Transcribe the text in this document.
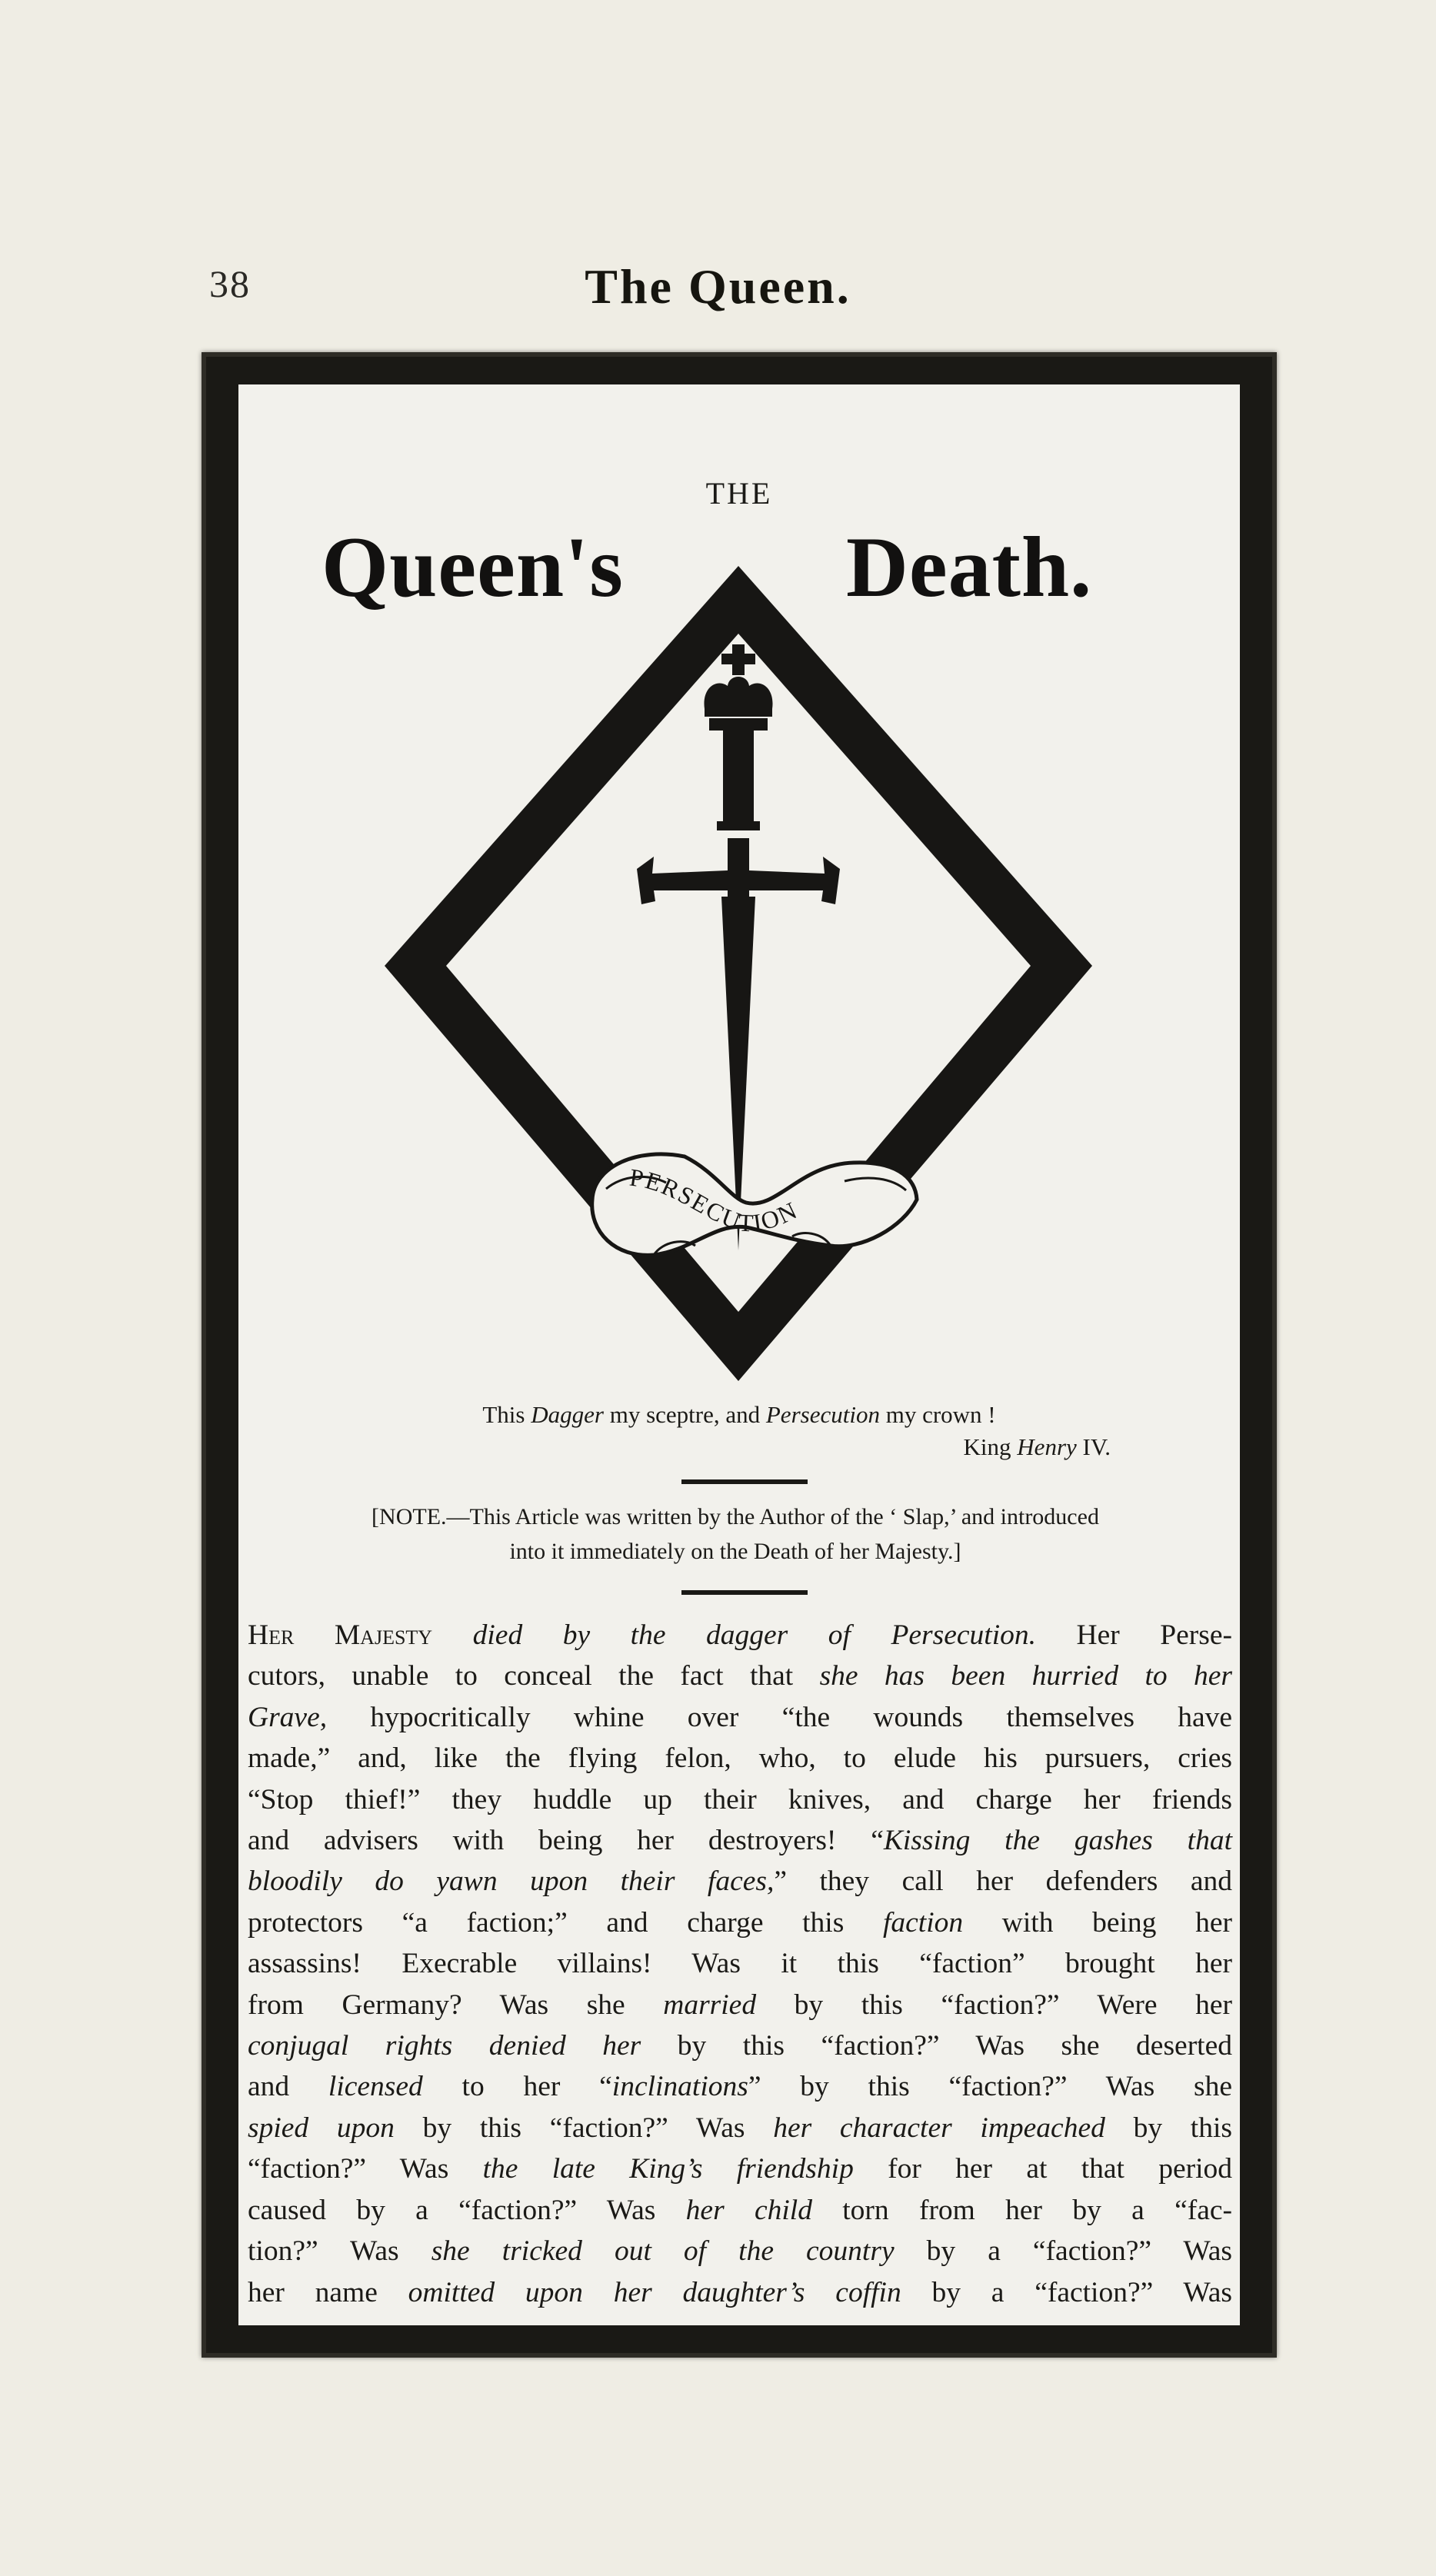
38	The Queen.
THE
Queen's	Death.
PERSECUTION
This Dagger my sceptre, and Persecution my crown !
King Henry IV.
[NOTE.—This Article was written by the Author of the ‘ Slap,’ and introduced
into it immediately on the Death of her Majesty.]
Her Majesty died by the dagger of Persecution. Her Perse-
cutors, unable to conceal the fact that she has been hurried to her
Grave, hypocritically whine over “the wounds themselves have
made,” and, like the flying felon, who, to elude his pursuers, cries
“Stop thief!” they huddle up their knives, and charge her friends
and advisers with being her destroyers! “Kissing the gashes that
bloodily do yawn upon their faces,” they call her defenders and
protectors “a faction;” and charge this faction with being her
assassins! Execrable villains! Was it this “faction” brought her
from Germany? Was she married by this “faction?” Were her
conjugal rights denied her by this “faction?” Was she deserted
and licensed to her “inclinations” by this “faction?” Was she
spied upon by this “faction?” Was her character impeached by this
“faction?” Was the late King’s friendship for her at that period
caused by a “faction?” Was her child torn from her by a “fac-
tion?” Was she tricked out of the country by a “faction?” Was
her name omitted upon her daughter’s coffin by a “faction?” Was
